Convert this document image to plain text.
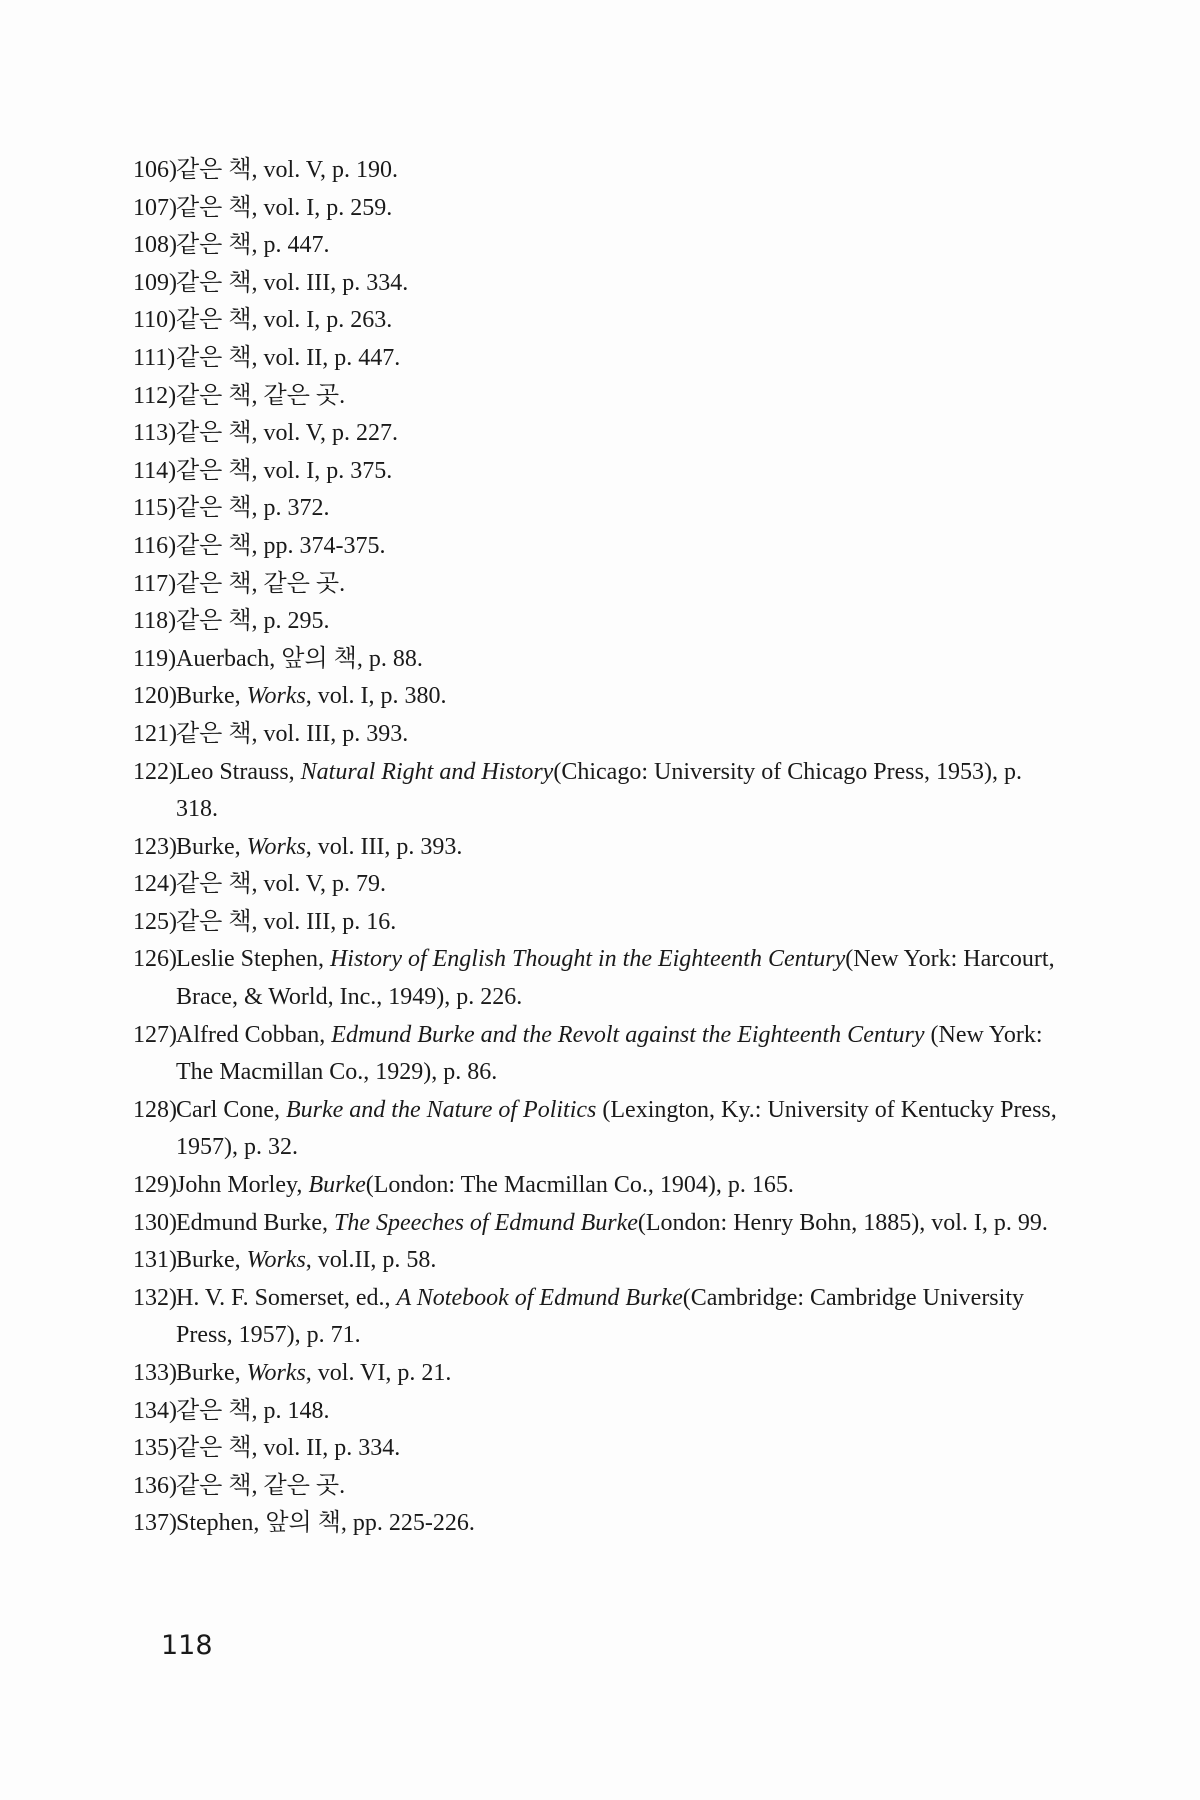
106) 같은 책, vol. V, p. 190.
107) 같은 책, vol. I, p. 259.
108) 같은 책, p. 447.
109) 같은 책, vol. III, p. 334.
110) 같은 책, vol. I, p. 263.
111) 같은 책, vol. II, p. 447.
112) 같은 책, 같은 곳.
113) 같은 책, vol. V, p. 227.
114) 같은 책, vol. I, p. 375.
115) 같은 책, p. 372.
116) 같은 책, pp. 374-375.
117) 같은 책, 같은 곳.
118) 같은 책, p. 295.
119) Auerbach, 앞의 책, p. 88.
120) Burke, Works, vol. I, p. 380.
121) 같은 책, vol. III, p. 393.
122) Leo Strauss, Natural Right and History(Chicago: University of Chicago Press, 1953), p. 318.
123) Burke, Works, vol. III, p. 393.
124) 같은 책, vol. V, p. 79.
125) 같은 책, vol. III, p. 16.
126) Leslie Stephen, History of English Thought in the Eighteenth Century(New York: Harcourt, Brace, & World, Inc., 1949), p. 226.
127) Alfred Cobban, Edmund Burke and the Revolt against the Eighteenth Century (New York: The Macmillan Co., 1929), p. 86.
128) Carl Cone, Burke and the Nature of Politics (Lexington, Ky.: University of Kentucky Press, 1957), p. 32.
129) John Morley, Burke(London: The Macmillan Co., 1904), p. 165.
130) Edmund Burke, The Speeches of Edmund Burke(London: Henry Bohn, 1885), vol. I, p. 99.
131) Burke, Works, vol.II, p. 58.
132) H. V. F. Somerset, ed., A Notebook of Edmund Burke(Cambridge: Cambridge University Press, 1957), p. 71.
133) Burke, Works, vol. VI, p. 21.
134) 같은 책, p. 148.
135) 같은 책, vol. II, p. 334.
136) 같은 책, 같은 곳.
137) Stephen, 앞의 책, pp. 225-226.
118
